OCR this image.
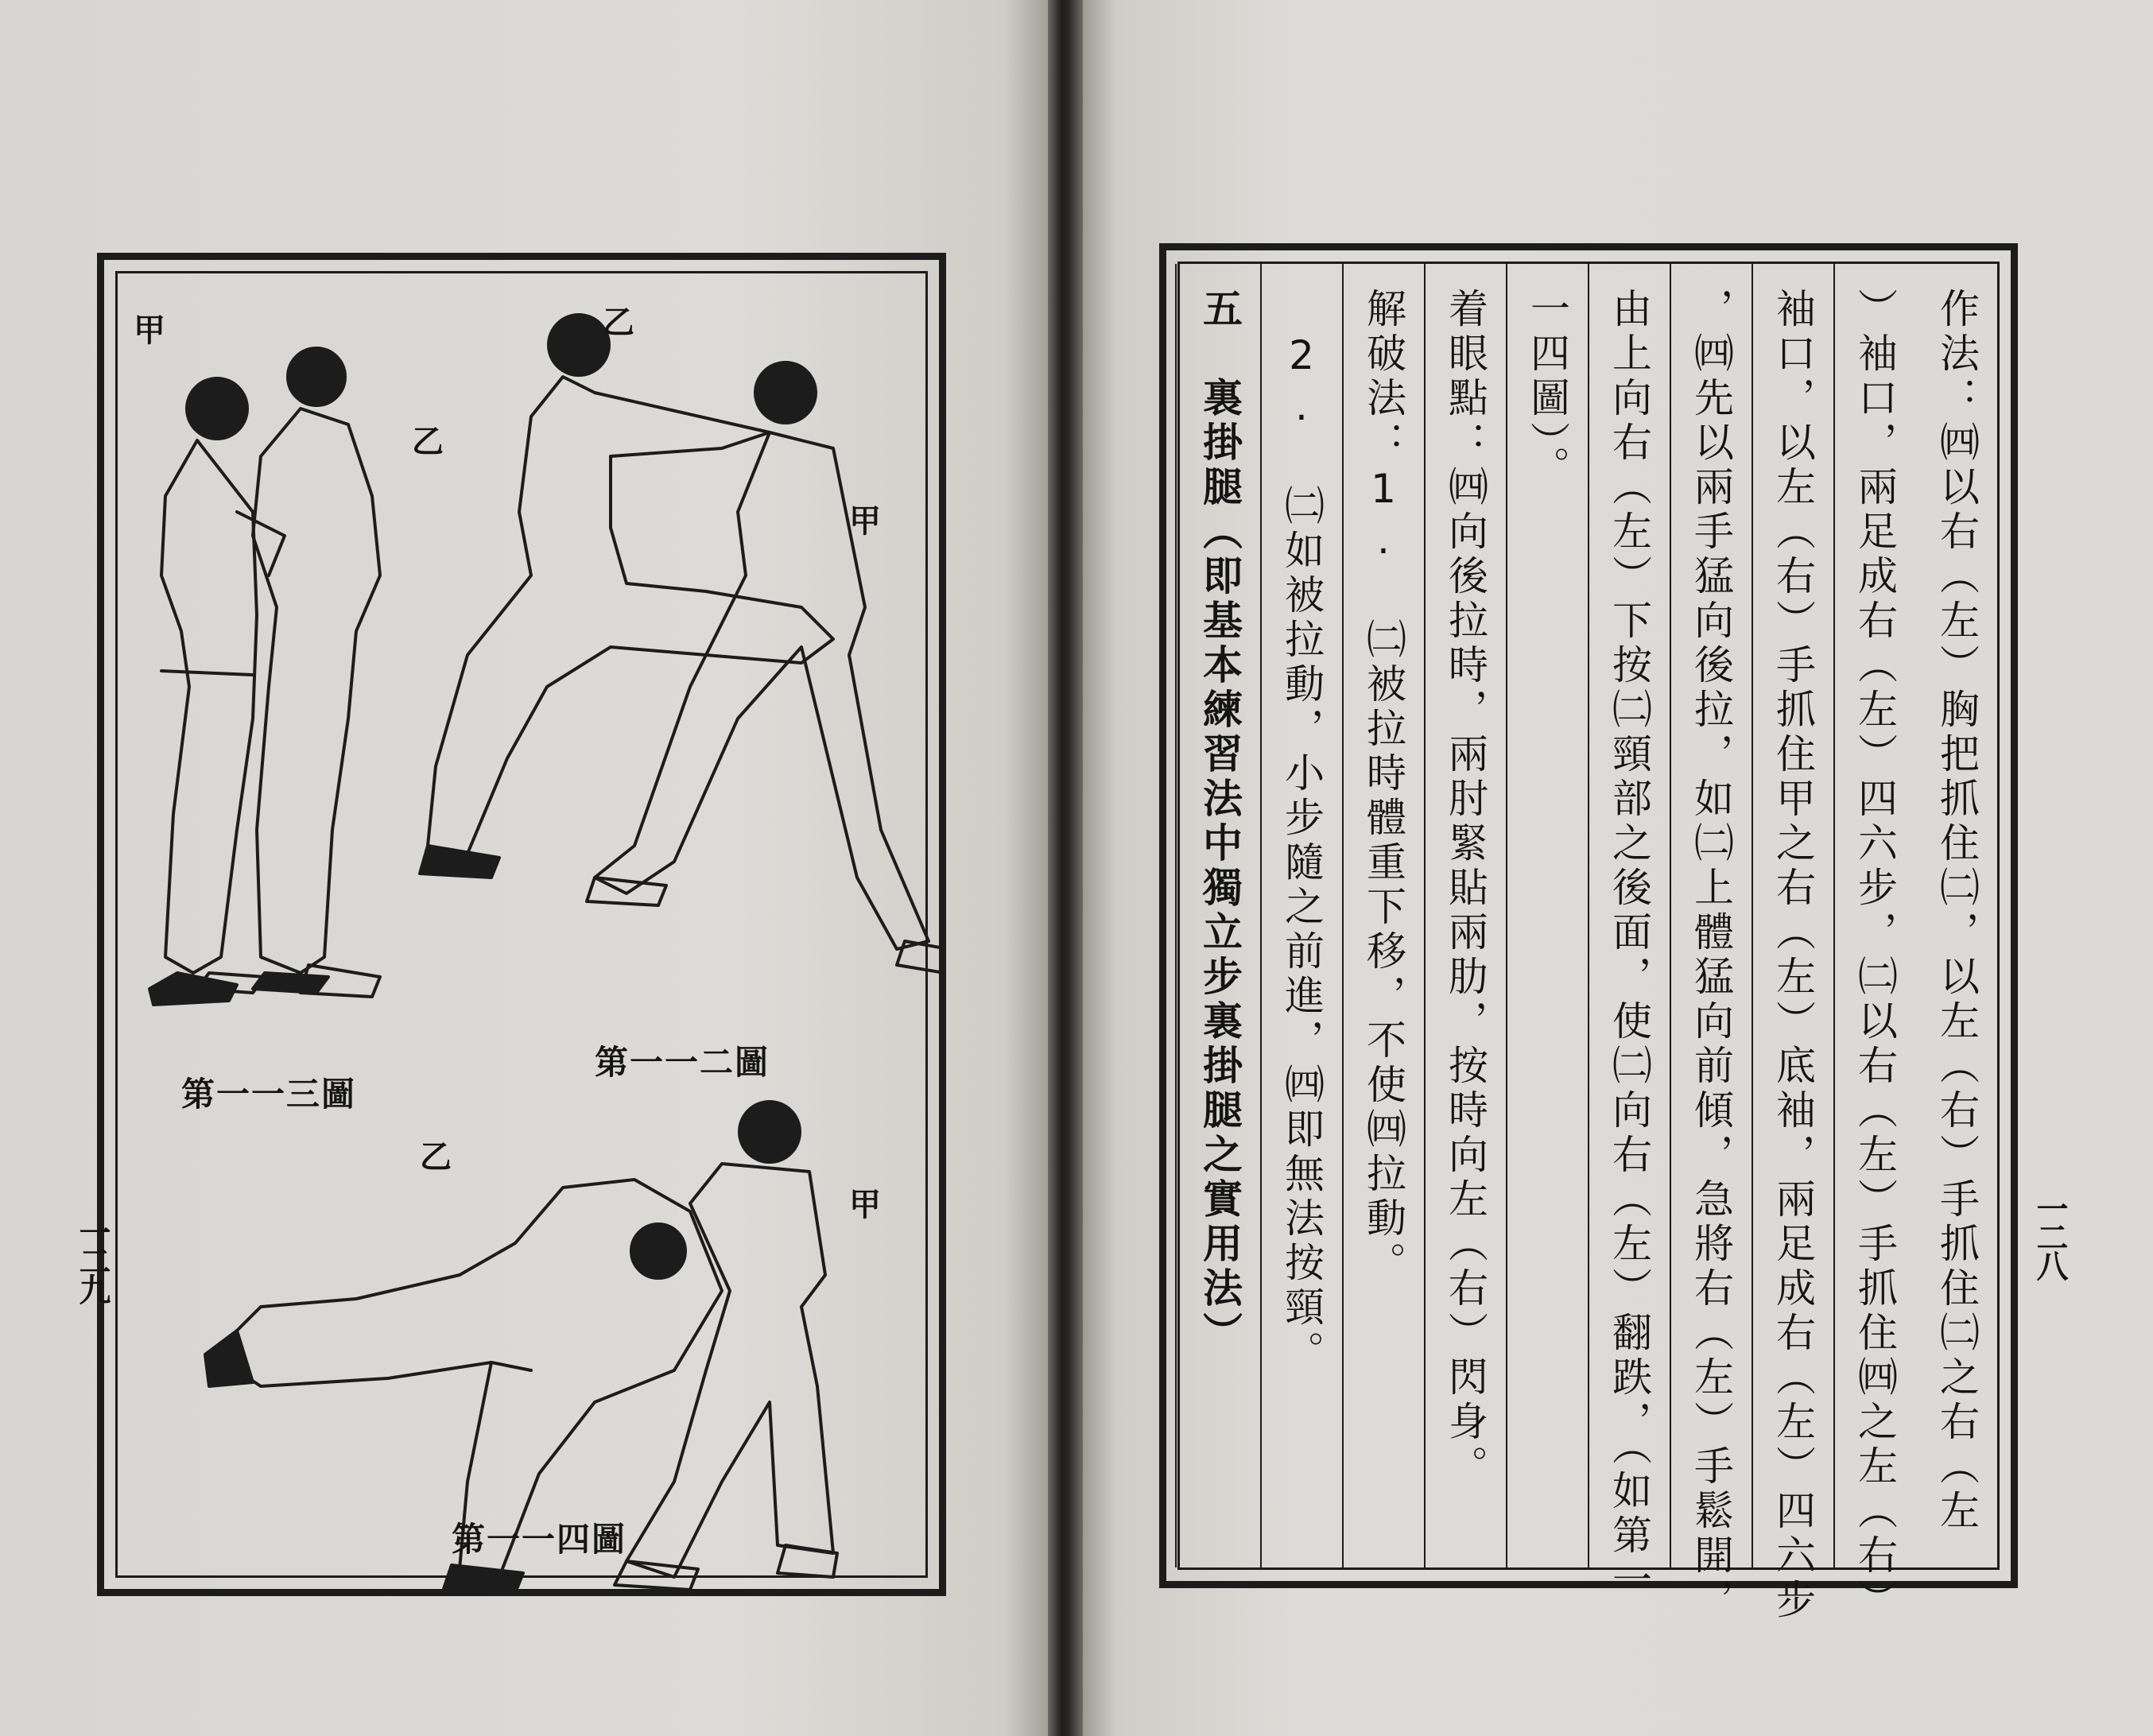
第一一三圖
第一一二圖
第一一四圖
甲
乙
乙
甲
乙
甲
一二九	作法：㈣以右（左）胸把抓住㈡，以左（右）手抓住㈡之右（左
）袖口，兩足成右（左）四六步，㈡以右（左）手抓住㈣之左（右）
袖口，以左（右）手抓住甲之右（左）底袖，兩足成右（左）四六步
，㈣先以兩手猛向後拉，如㈡上體猛向前傾，急將右（左）手鬆開，
由上向右（左）下按㈡頸部之後面，使㈡向右（左）翻跌，（如第一
一四圖）。
着眼點：㈣向後拉時，兩肘緊貼兩肋，按時向左（右）閃身。
解破法：1. ㈡被拉時體重下移，不使㈣拉動。
　2. ㈡如被拉動，小步隨之前進，㈣即無法按頸。
五　裏掛腿（即基本練習法中獨立步裏掛腿之實用法）	一二八
